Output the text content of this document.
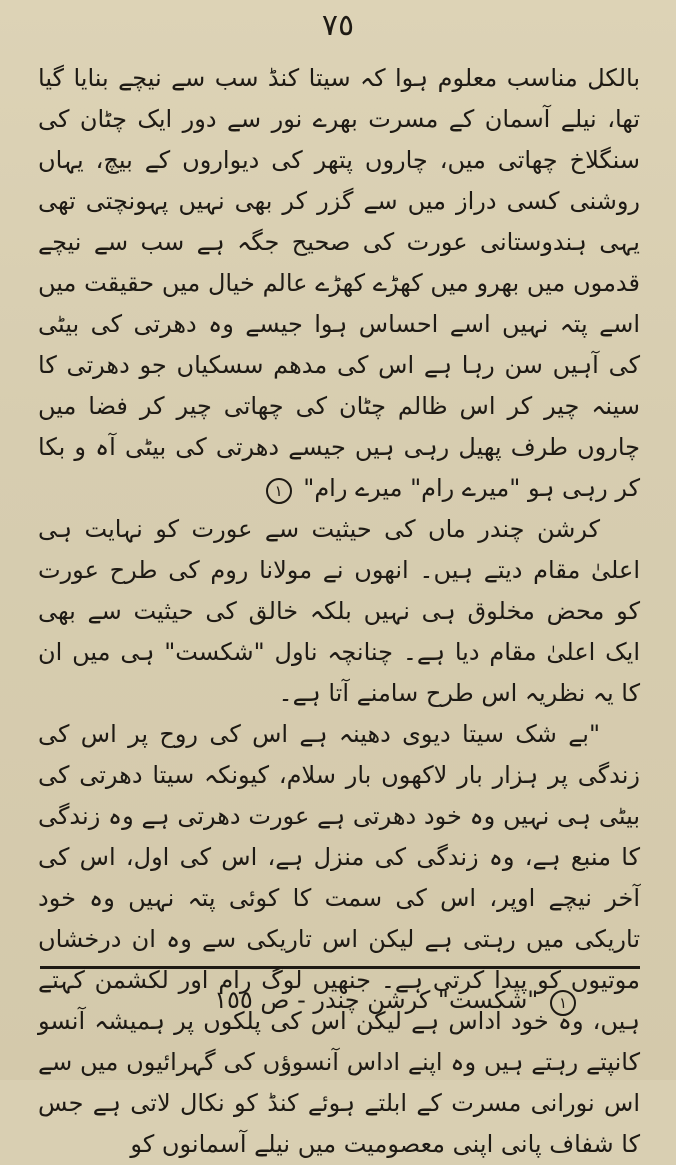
٧٥

بالکل مناسب معلوم ہوا کہ سیتا کنڈ سب سے نیچے بنایا گیا تھا، نیلے آسمان کے مسرت بھرے نور سے دور ایک چٹان کی سنگلاخ چھاتی میں، چاروں پتھر کی دیواروں کے بیچ، یہاں روشنی کسی دراز میں سے گزر کر بھی نہیں پہونچتی تھی یہی ہندوستانی عورت کی صحیح جگہ ہے سب سے نیچے قدموں میں بھرو میں کھڑے کھڑے عالم خیال میں حقیقت میں اسے پتہ نہیں اسے احساس ہوا جیسے وہ دھرتی کی بیٹی کی آہیں سن رہا ہے اس کی مدھم سسکیاں جو دھرتی کا سینہ چیر کر اس ظالم چٹان کی چھاتی چیر کر فضا میں چاروں طرف پھیل رہی ہیں جیسے دھرتی کی بیٹی آہ و بکا کر رہی ہو "میرے رام" میرے رام" ١

کرشن چندر ماں کی حیثیت سے عورت کو نہایت ہی اعلیٰ مقام دیتے ہیں۔ انھوں نے مولانا روم کی طرح عورت کو محض مخلوق ہی نہیں بلکہ خالق کی حیثیت سے بھی ایک اعلیٰ مقام دیا ہے۔ چنانچہ ناول "شکست" ہی میں ان کا یہ نظریہ اس طرح سامنے آتا ہے۔

"بے شک سیتا دیوی دھینہ ہے اس کی روح پر اس کی زندگی پر ہزار بار لاکھوں بار سلام، کیونکہ سیتا دھرتی کی بیٹی ہی نہیں وہ خود دھرتی ہے عورت دھرتی ہے وہ زندگی کا منبع ہے، وہ زندگی کی منزل ہے، اس کی اول، اس کی آخر نیچے اوپر، اس کی سمت کا کوئی پتہ نہیں وہ خود تاریکی میں رہتی ہے لیکن اس تاریکی سے وہ ان درخشاں موتیوں کو پیدا کرتی ہے۔ جنھیں لوگ رام اور لکشمن کہتے ہیں، وہ خود اداس ہے لیکن اس کی پلکوں پر ہمیشہ آنسو کانپتے رہتے ہیں وہ اپنے اداس آنسوؤں کی گہرائیوں میں سے اس نورانی مسرت کے ابلتے ہوئے کنڈ کو نکال لاتی ہے جس کا شفاف پانی اپنی معصومیت میں نیلے آسمانوں کو

١ "شکست" کرشن چندر - ص ١٥٥
